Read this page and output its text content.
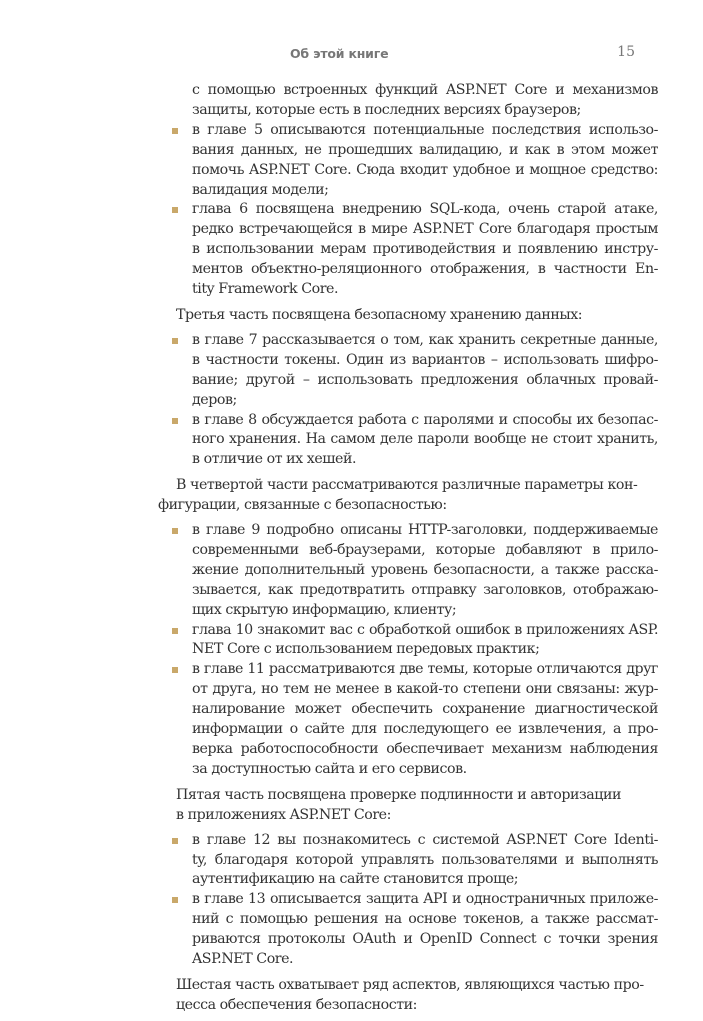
Об этой книге	15
с помощью встроенных функций ASP.NET Core и механизмов
защиты, которые есть в последних версиях браузеров;
в главе 5 описываются потенциальные последствия использо-
вания данных, не прошедших валидацию, и как в этом может
помочь ASP.NET Core. Сюда входит удобное и мощное средство:
валидация модели;
глава 6 посвящена внедрению SQL-кода, очень старой атаке,
редко встречающейся в мире ASP.NET Core благодаря простым
в использовании мерам противодействия и появлению инстру-
ментов объектно-реляционного отображения, в частности En-
tity Framework Core.

Третья часть посвящена безопасному хранению данных:

в главе 7 рассказывается о том, как хранить секретные данные,
в частности токены. Один из вариантов – использовать шифро-
вание; другой – использовать предложения облачных провай-
деров;
в главе 8 обсуждается работа с паролями и способы их безопас-
ного хранения. На самом деле пароли вообще не стоит хранить,
в отличие от их хешей.

В четвертой части рассматриваются различные параметры кон-
фигурации, связанные с безопасностью:

в главе 9 подробно описаны HTTP-заголовки, поддерживаемые
современными веб-браузерами, которые добавляют в прило-
жение дополнительный уровень безопасности, а также расска-
зывается, как предотвратить отправку заголовков, отображаю-
щих скрытую информацию, клиенту;
глава 10 знакомит вас с обработкой ошибок в приложениях ASP.
NET Core с использованием передовых практик;
в главе 11 рассматриваются две темы, которые отличаются друг
от друга, но тем не менее в какой-то степени они связаны: жур-
налирование может обеспечить сохранение диагностической
информации о сайте для последующего ее извлечения, а про-
верка работоспособности обеспечивает механизм наблюдения
за доступностью сайта и его сервисов.

Пятая часть посвящена проверке подлинности и авторизации
в приложениях ASP.NET Core:

в главе 12 вы познакомитесь с системой ASP.NET Core Identi-
ty, благодаря которой управлять пользователями и выполнять
аутентификацию на сайте становится проще;
в главе 13 описывается защита API и одностраничных приложе-
ний с помощью решения на основе токенов, а также рассмат-
риваются протоколы OAuth и OpenID Connect с точки зрения
ASP.NET Core.

Шестая часть охватывает ряд аспектов, являющихся частью про-
цесса обеспечения безопасности:
